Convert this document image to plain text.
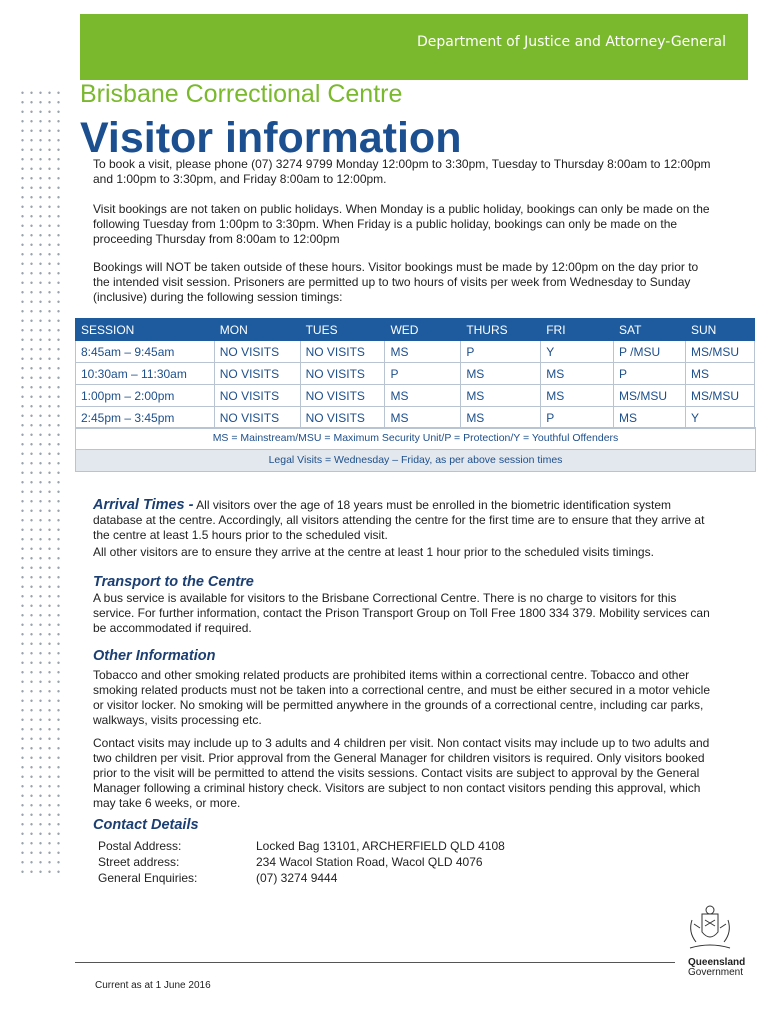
Department of Justice and Attorney-General
Brisbane Correctional Centre
Visitor information

To book a visit, please phone (07) 3274 9799 Monday 12:00pm to 3:30pm, Tuesday to Thursday 8:00am to 12:00pm and 1:00pm to 3:30pm, and Friday 8:00am to 12:00pm.

Visit bookings are not taken on public holidays. When Monday is a public holiday, bookings can only be made on the following Tuesday from 1:00pm to 3:30pm. When Friday is a public holiday, bookings can only be made on the proceeding Thursday from 8:00am to 12:00pm

Bookings will NOT be taken outside of these hours. Visitor bookings must be made by 12:00pm on the day prior to the intended visit session. Prisoners are permitted up to two hours of visits per week from Wednesday to Sunday (inclusive) during the following session timings:

SESSION	MON	TUES	WED	THURS	FRI	SAT	SUN
8:45am – 9:45am	NO VISITS	NO VISITS	MS	P	Y	P /MSU	MS/MSU
10:30am – 11:30am	NO VISITS	NO VISITS	P	MS	MS	P	MS
1:00pm – 2:00pm	NO VISITS	NO VISITS	MS	MS	MS	MS/MSU	MS/MSU
2:45pm – 3:45pm	NO VISITS	NO VISITS	MS	MS	P	MS	Y
MS = Mainstream/MSU = Maximum Security Unit/P = Protection/Y = Youthful Offenders
Legal Visits = Wednesday – Friday, as per above session times

Arrival Times - All visitors over the age of 18 years must be enrolled in the biometric identification system database at the centre. Accordingly, all visitors attending the centre for the first time are to ensure that they arrive at the centre at least 1.5 hours prior to the scheduled visit.

All other visitors are to ensure they arrive at the centre at least 1 hour prior to the scheduled visits timings.

Transport to the Centre

A bus service is available for visitors to the Brisbane Correctional Centre. There is no charge to visitors for this service. For further information, contact the Prison Transport Group on Toll Free 1800 334 379. Mobility services can be accommodated if required.

Other Information

Tobacco and other smoking related products are prohibited items within a correctional centre. Tobacco and other smoking related products must not be taken into a correctional centre, and must be either secured in a motor vehicle or visitor locker. No smoking will be permitted anywhere in the grounds of a correctional centre, including car parks, walkways, visits processing etc.

Contact visits may include up to 3 adults and 4 children per visit. Non contact visits may include up to two adults and two children per visit. Prior approval from the General Manager for children visitors is required. Only visitors booked prior to the visit will be permitted to attend the visits sessions. Contact visits are subject to approval by the General Manager following a criminal history check. Visitors are subject to non contact visitors pending this approval, which may take 6 weeks, or more.

Contact Details
Postal Address:	Locked Bag 13101, ARCHERFIELD QLD 4108
Street address:	234 Wacol Station Road, Wacol QLD 4076
General Enquiries:	(07) 3274 9444
Current as at 1 June 2016
Queensland
Government
